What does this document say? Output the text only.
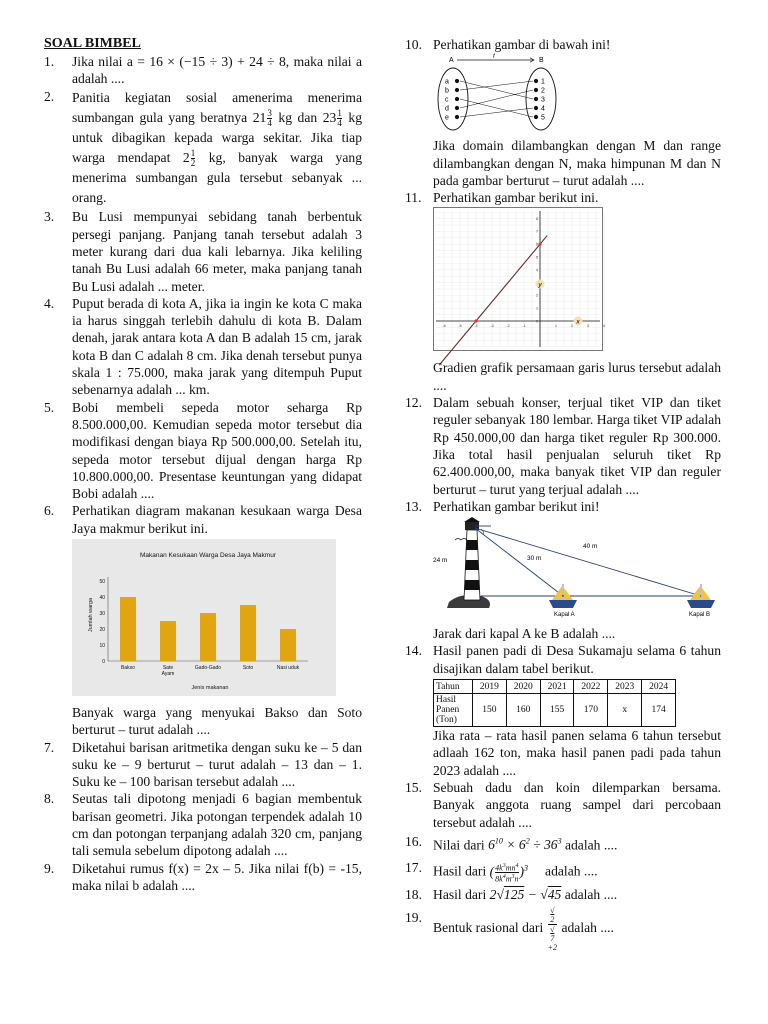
SOAL BIMBEL
1.	Jika nilai a = 16 × (−15 ÷ 3) + 24 ÷ 8, maka nilai a adalah ....
2.	Panitia kegiatan sosial amenerima menerima sumbangan gula yang beratnya $21 \frac{3}{4}$ kg dan $23 \frac{1}{4}$ kg untuk dibagikan kepada warga sekitar. Jika tiap warga mendapat $2 \frac{1}{2}$ kg, banyak warga yang menerima sumbangan gula tersebut sebanyak ... orang.
3.	Bu Lusi mempunyai sebidang tanah berbentuk persegi panjang. Panjang tanah tersebut adalah 3 meter kurang dari dua kali lebarnya. Jika keliling tanah Bu Lusi adalah 66 meter, maka panjang tanah Bu Lusi adalah ... meter.
4.	Puput berada di kota A, jika ia ingin ke kota C maka ia harus singgah terlebih dahulu di kota B. Dalam denah, jarak antara kota A dan B adalah 15 cm, jarak kota B dan C adalah 8 cm. Jika denah tersebut punya skala 1 : 75.000, maka jarak yang ditempuh Puput sebenarnya adalah ... km.
5.	Bobi membeli sepeda motor seharga Rp 8.500.000,00. Kemudian sepeda motor tersebut dia modifikasi dengan biaya Rp 500.000,00. Setelah itu, sepeda motor tersebut dijual dengan harga Rp 10.800.000,00. Presentase keuntungan yang didapat Bobi adalah ....
6.	Perhatikan diagram makanan kesukaan warga Desa Jaya makmur berikut ini.
Makanan Kesukaan Warga Desa Jaya Makmur
0
10
20
30
40
50
Bakso	Sate Ayam
Gado-Gado	Soto	Nasi uduk
Jumlah warga
Jenis makanan
Banyak warga yang menyukai Bakso dan Soto berturut – turut adalah ....
7.	Diketahui barisan aritmetika dengan suku ke – 5 dan suku ke – 9 berturut – turut adalah – 13 dan – 1. Suku ke – 100 barisan tersebut adalah ....
8.	Seutas tali dipotong menjadi 6 bagian membentuk barisan geometri. Jika potongan terpendek adalah 10 cm dan potongan terpanjang adalah 320 cm, panjang tali semula sebelum dipotong adalah ....
9.	Diketahui rumus f(x) = 2x – 5. Jika nilai f(b) = -15, maka nilai b adalah ....
10. Perhatikan gambar di bawah ini!
A	B
f
a
b
c
d
e
1
2
3
4
5
Jika domain dilambangkan dengan M dan range dilambangkan dengan N, maka himpunan M dan N pada gambar berturut – turut adalah ....
11. Perhatikan gambar berikut ini.
-6	-5	-4	-3	-2	-1	1	2	3	4
8
7
6
5
4
2
1
0	x
y
Gradien grafik persamaan garis lurus tersebut adalah ....
12. Dalam sebuah konser, terjual tiket VIP dan tiket reguler sebanyak 180 lembar. Harga tiket VIP adalah Rp 450.000,00 dan harga tiket reguler Rp 300.000. Jika total hasil penjualan seluruh tiket Rp 62.400.000,00, maka banyak tiket VIP dan reguler berturut – turut yang terjual adalah ....
13. Perhatikan gambar berikut ini!
24 m	30 m
40 m
Kapal A	Kapal B
Jarak dari kapal A ke B adalah ....
14. Hasil panen padi di Desa Sukamaju selama 6 tahun disajikan dalam tabel berikut.
Tahun	2019	2020	2021	2022	2023	2024
Hasil Panen (Ton)	150	160	155	170	x	174
Jika rata – rata hasil panen selama 6 tahun tersebut adlaah 162 ton, maka hasil panen padi pada tahun 2023 adalah ....
15. Sebuah dadu dan koin dilemparkan bersama. Banyak anggota ruang sampel dari percobaan tersebut adalah ....
16. Nilai dari $6^{10} \times 6^2 \div 36^3$ adalah ....
17. Hasil dari ( $\frac{4k^3mn^4}{8k^4m^3n} )^3$ adalah ....
18. Hasil dari 2√125 − √45 adalah ....
19.
Bentuk rasional dari √
2
√
7
+2 adalah ....
